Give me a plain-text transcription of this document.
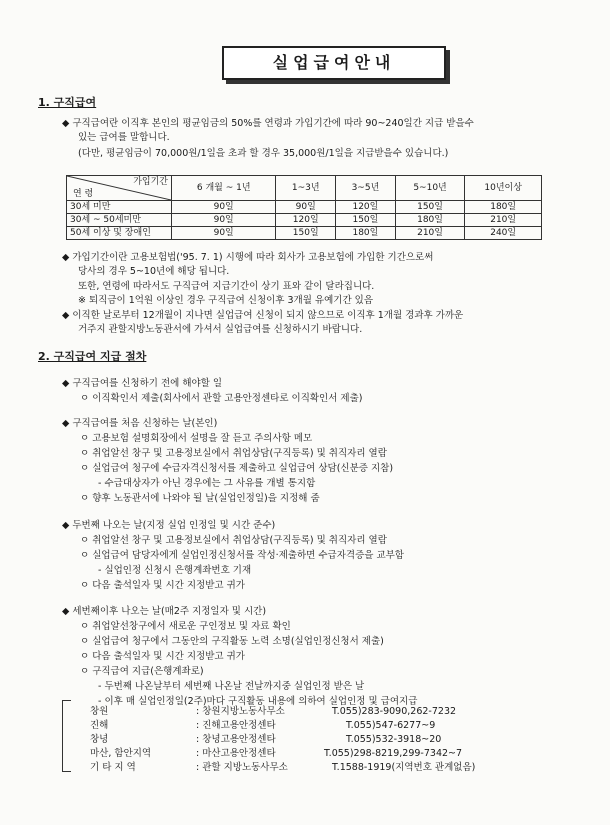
실업급여안내
1. 구직급여
◆ 구직급여란 이직후 본인의 평균임금의 50%를 연령과 가입기간에 따라 90~240일간 지급 받을수
있는 급여를 말합니다.
(다만, 평균임금이 70,000원/1일을 초과 할 경우 35,000원/1일을 지급받을수 있습니다.)
가입기간
연 령	6 개월 ~ 1년	1~3년	3~5년	5~10년	10년이상
30세 미만	90일	90일	120일	150일	180일
30세 ~ 50세미만	90일	120일	150일	180일	210일
50세 이상 및 장애인	90일	150일	180일	210일	240일
◆ 가입기간이란 고용보험법('95. 7. 1) 시행에 따라 회사가 고용보험에 가입한 기간으로써
당사의 경우 5~10년에 해당 됩니다.
또한, 연령에 따라서도 구직급여 지급기간이 상기 표와 같이 달라집니다.
※ 퇴직금이 1억원 이상인 경우 구직급여 신청이후 3개월 유예기간 있음
◆ 이직한 날로부터 12개월이 지나면 실업급여 신청이 되지 않으므로 이직후 1개월 경과후 가까운
거주지 관할지방노동관서에 가셔서 실업급여를 신청하시기 바랍니다.
2. 구직급여 지급 절차
◆ 구직급여를 신청하기 전에 해야할 일
ㅇ 이직확인서 제출(회사에서 관할 고용안정센타로 이직확인서 제출)
◆ 구직급여를 처음 신청하는 날(본인)
ㅇ 고용보험 설명회장에서 설명을 잘 듣고 주의사항 메모
ㅇ 취업알선 창구 및 고용정보실에서 취업상담(구직등록) 및 취직자리 열람
ㅇ 실업급여 청구에 수급자격신청서를 제출하고 실업급여 상담(신분증 지참)
- 수급대상자가 아닌 경우에는 그 사유를 개별 통지함
ㅇ 향후 노동관서에 나와야 될 날(실업인정일)을 지정해 줌
◆ 두번째 나오는 날(지정 실업 인정일 및 시간 준수)
ㅇ 취업알선 창구 및 고용정보실에서 취업상담(구직등록) 및 취직자리 열람
ㅇ 실업급여 담당자에게 실업인정신청서를 작성·제출하면 수급자격증을 교부함
- 실업인정 신청시 은행계좌번호 기재
ㅇ 다음 출석일자 및 시간 지정받고 귀가
◆ 세번째이후 나오는 날(매2주 지정일자 및 시간)
ㅇ 취업알선창구에서 새로운 구인정보 및 자료 확인
ㅇ 실업급여 청구에서 그동안의 구직활동 노력 소명(실업인정신청서 제출)
ㅇ 다음 출석일자 및 시간 지정받고 귀가
ㅇ 구직급여 지급(은행계좌로)
- 두번째 나온날부터 세번째 나온날 전날까지중 실업인정 받은 날
- 이후 매 실업인정일(2주)마다 구직활동 내용에 의하여 실업인정 및 급여지급
창원	: 창원지방노동사무소	T.055)283-9090,262-7232
진해	: 진해고용안정센타	T.055)547-6277~9
창녕	: 창녕고용안정센타	T.055)532-3918~20
마산, 함안지역	: 마산고용안정센타	T.055)298-8219,299-7342~7
기 타 지 역	: 관할 지방노동사무소	T.1588-1919(지역번호 관계없음)
